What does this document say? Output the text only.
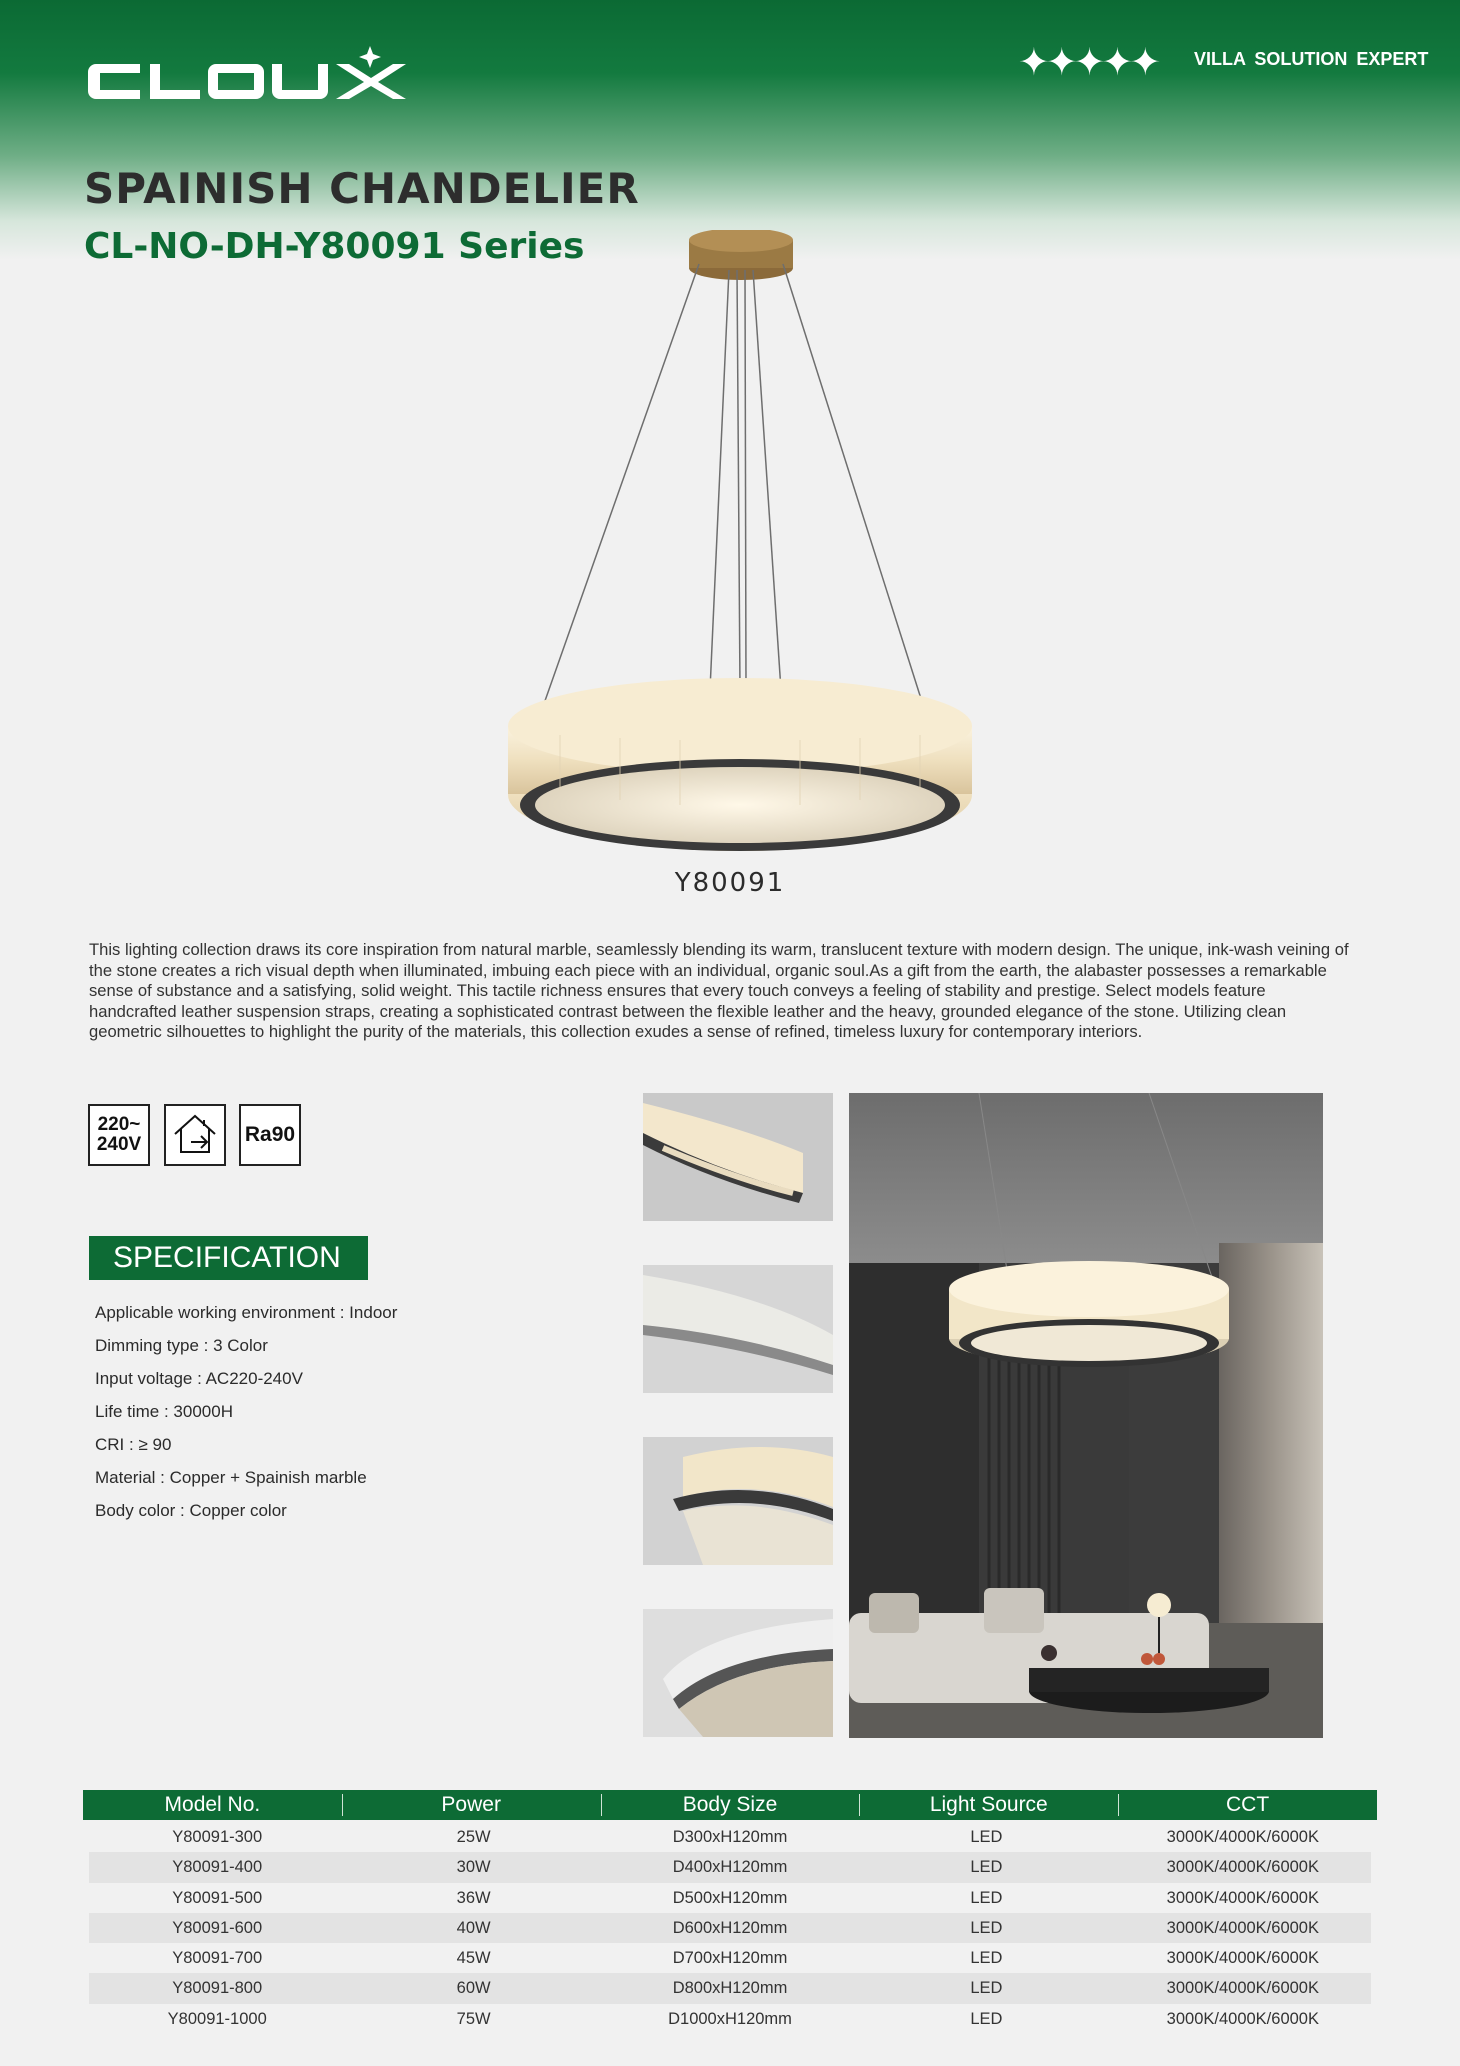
✦✦✦✦✦ VILLA SOLUTION EXPERT
SPAINISH CHANDELIER
CL-NO-DH-Y80091 Series
Y80091

This lighting collection draws its core inspiration from natural marble, seamlessly blending its warm, translucent texture with modern design. The unique, ink-wash veining of the stone creates a rich visual depth when illuminated, imbuing each piece with an individual, organic soul.As a gift from the earth, the alabaster possesses a remarkable sense of substance and a satisfying, solid weight. This tactile richness ensures that every touch conveys a feeling of stability and prestige. Select models feature handcrafted leather suspension straps, creating a sophisticated contrast between the flexible leather and the heavy, grounded elegance of the stone. Utilizing clean geometric silhouettes to highlight the purity of the materials, this collection exudes a sense of refined, timeless luxury for contemporary interiors.

220~
240V	Ra90
SPECIFICATION
Applicable working environment : Indoor
Dimming type : 3 Color
Input voltage : AC220-240V
Life time : 30000H
CRI : ≥ 90
Material : Copper + Spainish marble
Body color : Copper color
Model No.	Power	Body Size	Light Source	CCT
Y80091-300	25W	D300xH120mm	LED	3000K/4000K/6000K
Y80091-400	30W	D400xH120mm	LED	3000K/4000K/6000K
Y80091-500	36W	D500xH120mm	LED	3000K/4000K/6000K
Y80091-600	40W	D600xH120mm	LED	3000K/4000K/6000K
Y80091-700	45W	D700xH120mm	LED	3000K/4000K/6000K
Y80091-800	60W	D800xH120mm	LED	3000K/4000K/6000K
Y80091-1000	75W	D1000xH120mm	LED	3000K/4000K/6000K
